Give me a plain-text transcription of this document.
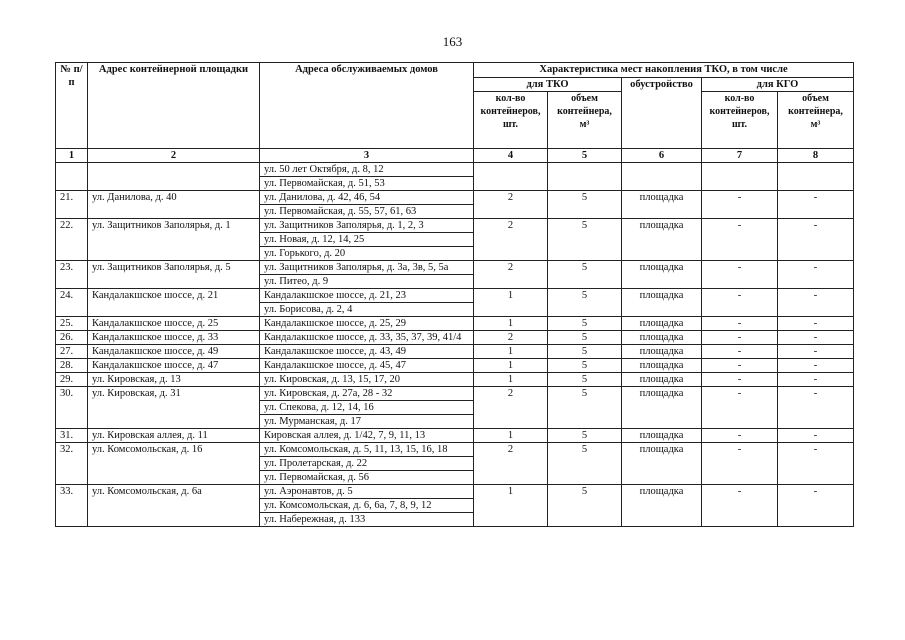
163
№ п/п	Адрес контейнерной площадки	Адреса обслуживаемых домов	Характеристика мест накопления ТКО, в том числе				
			для ТКО		обустройство	для КГО	
			кол-во контейнеров, шт.	объем контейнера, м³		кол-во контейнеров, шт.	объем контейнера, м³
1	2	3	4	5	6	7	8
		ул. 50 лет Октября, д. 8, 12					
		ул. Первомайская, д. 51, 53					
21.	ул. Данилова, д. 40	ул. Данилова, д. 42, 46, 54	2	5	площадка	-	-
		ул. Первомайская, д. 55, 57, 61, 63					
22.	ул. Защитников Заполярья, д. 1	ул. Защитников Заполярья, д. 1, 2, 3	2	5	площадка	-	-
		ул. Новая, д. 12, 14, 25					
		ул. Горького, д. 20					
23.	ул. Защитников Заполярья, д. 5	ул. Защитников Заполярья, д. 3а, 3в, 5, 5а	2	5	площадка	-	-
		ул. Питео, д. 9					
24.	Кандалакшское шоссе, д. 21	Кандалакшское шоссе, д. 21, 23	1	5	площадка	-	-
		ул. Борисова, д. 2, 4					
25.	Кандалакшское шоссе, д. 25	Кандалакшское шоссе, д. 25, 29	1	5	площадка	-	-
26.	Кандалакшское шоссе, д. 33	Кандалакшское шоссе, д. 33, 35, 37, 39, 41/4	2	5	площадка	-	-
27.	Кандалакшское шоссе, д. 49	Кандалакшское шоссе, д. 43, 49	1	5	площадка	-	-
28.	Кандалакшское шоссе, д. 47	Кандалакшское шоссе, д. 45, 47	1	5	площадка	-	-
29.	ул. Кировская, д. 13	ул. Кировская, д. 13, 15, 17, 20	1	5	площадка	-	-
30.	ул. Кировская, д. 31	ул. Кировская, д. 27а, 28 - 32	2	5	площадка	-	-
		ул. Спекова, д. 12, 14, 16					
		ул. Мурманская, д. 17					
31.	ул. Кировская аллея, д. 11	Кировская аллея, д. 1/42, 7, 9, 11, 13	1	5	площадка	-	-
32.	ул. Комсомольская, д. 16	ул. Комсомольская, д. 5, 11, 13, 15, 16, 18	2	5	площадка	-	-
		ул. Пролетарская, д. 22					
		ул. Первомайская, д. 56					
33.	ул. Комсомольская, д. 6а	ул. Аэронавтов, д. 5	1	5	площадка	-	-
		ул. Комсомольская, д. 6, 6а, 7, 8, 9, 12					
		ул. Набережная, д. 133					
